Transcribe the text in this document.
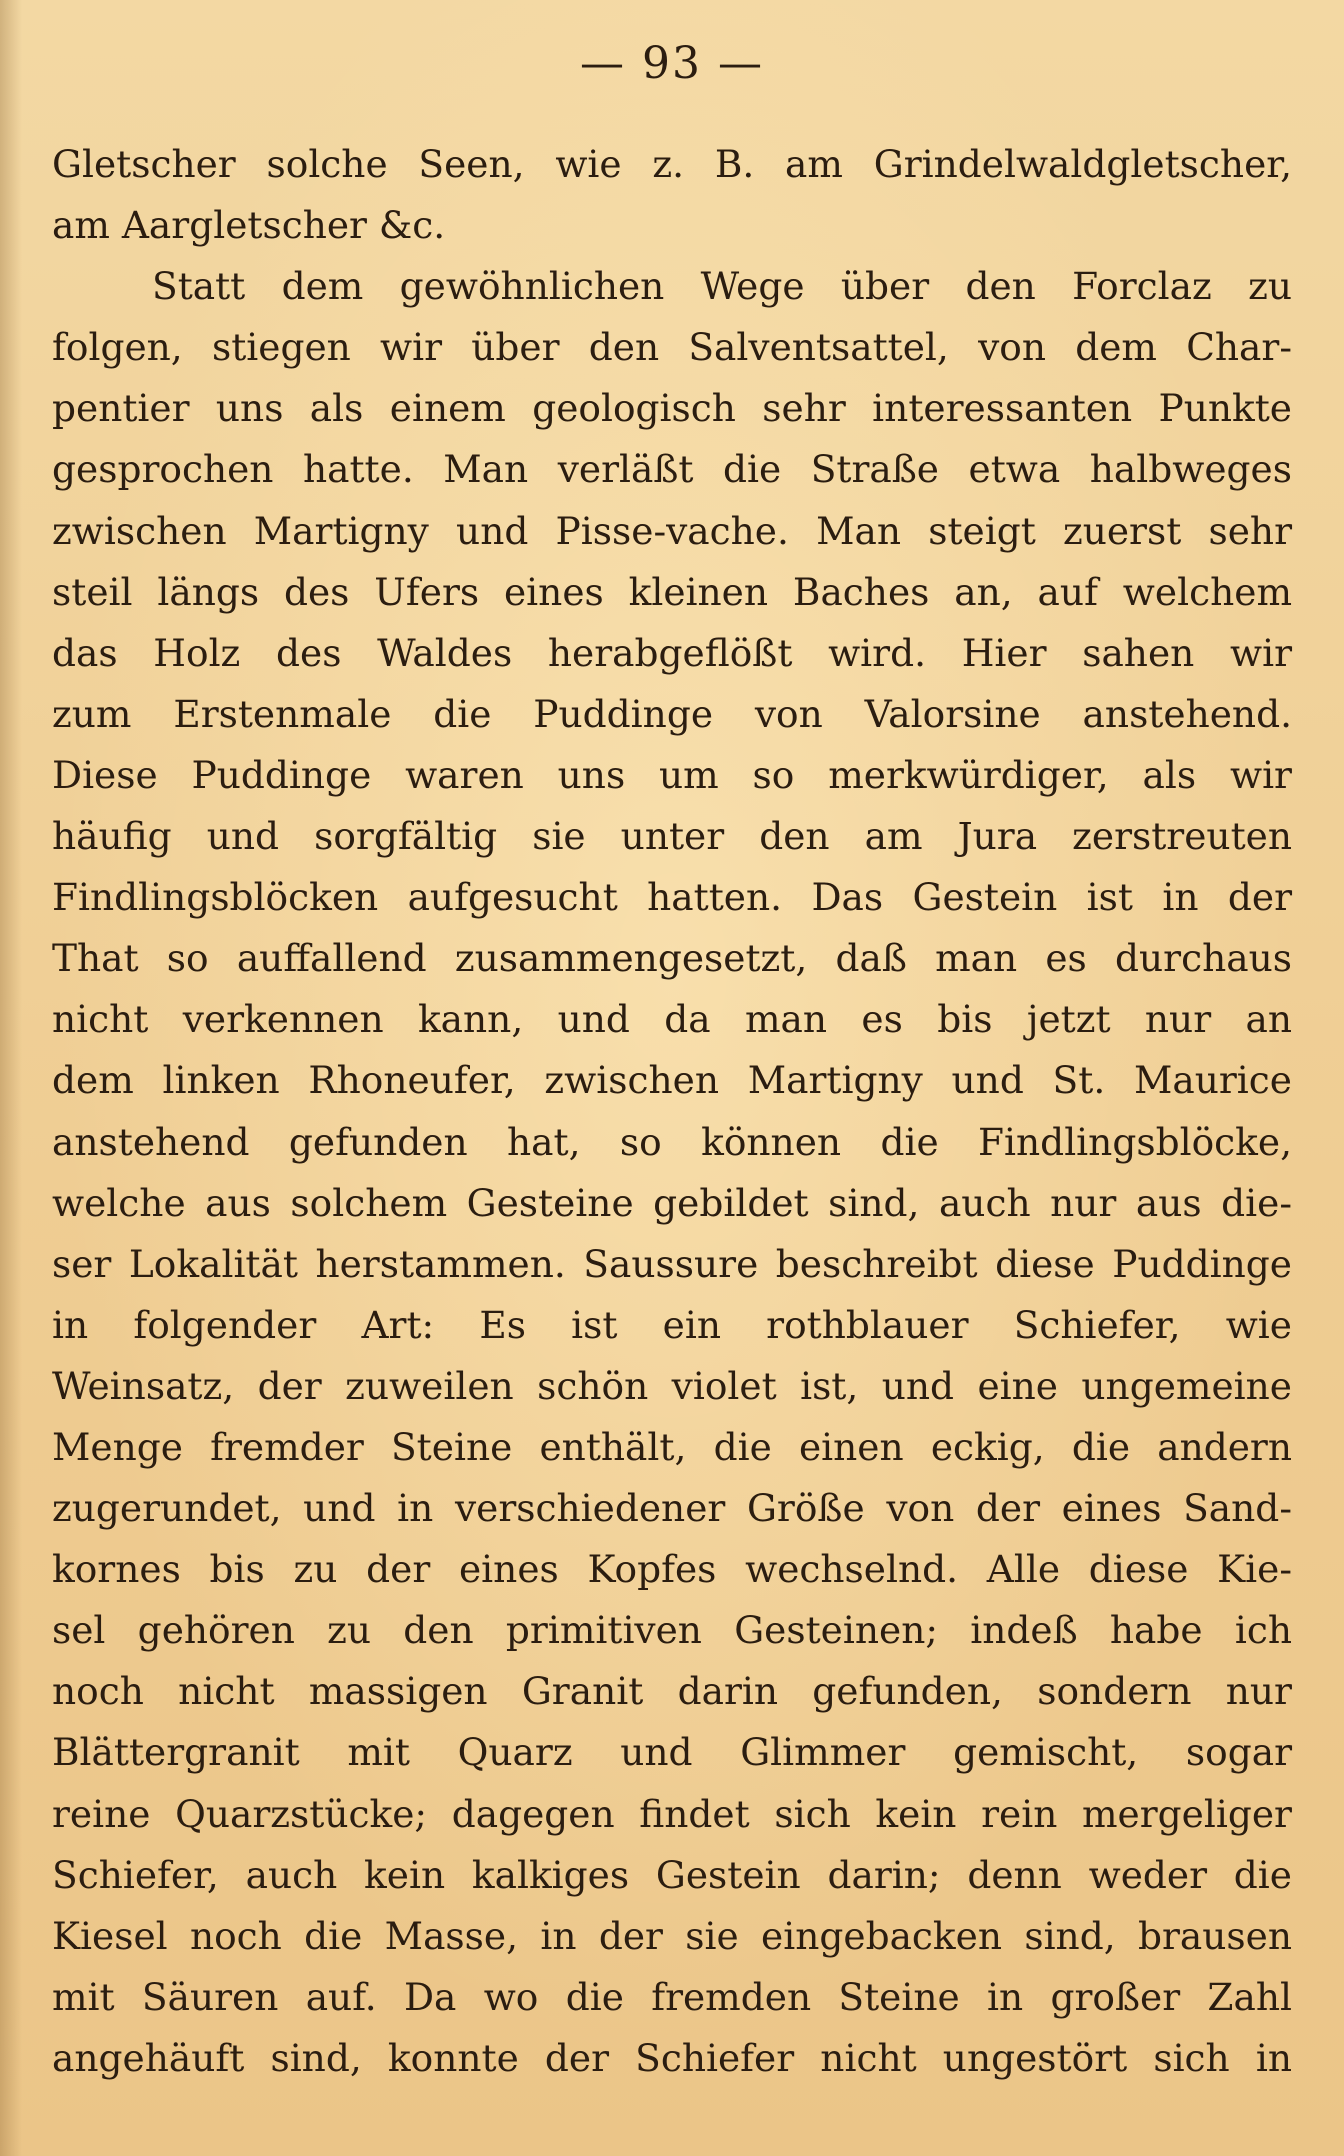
— 93 —
Gletscher solche Seen, wie z. B. am Grindelwaldgletscher,
am Aargletscher &c.
Statt dem gewöhnlichen Wege über den Forclaz zu
folgen, stiegen wir über den Salventsattel, von dem Char-
pentier uns als einem geologisch sehr interessanten Punkte
gesprochen hatte. Man verläßt die Straße etwa halbweges
zwischen Martigny und Pisse-vache. Man steigt zuerst sehr
steil längs des Ufers eines kleinen Baches an, auf welchem
das Holz des Waldes herabgeflößt wird. Hier sahen wir
zum Erstenmale die Puddinge von Valorsine anstehend.
Diese Puddinge waren uns um so merkwürdiger, als wir
häufig und sorgfältig sie unter den am Jura zerstreuten
Findlingsblöcken aufgesucht hatten. Das Gestein ist in der
That so auffallend zusammengesetzt, daß man es durchaus
nicht verkennen kann, und da man es bis jetzt nur an
dem linken Rhoneufer, zwischen Martigny und St. Maurice
anstehend gefunden hat, so können die Findlingsblöcke,
welche aus solchem Gesteine gebildet sind, auch nur aus die-
ser Lokalität herstammen. Saussure beschreibt diese Puddinge
in folgender Art: Es ist ein rothblauer Schiefer, wie
Weinsatz, der zuweilen schön violet ist, und eine ungemeine
Menge fremder Steine enthält, die einen eckig, die andern
zugerundet, und in verschiedener Größe von der eines Sand-
kornes bis zu der eines Kopfes wechselnd. Alle diese Kie-
sel gehören zu den primitiven Gesteinen; indeß habe ich
noch nicht massigen Granit darin gefunden, sondern nur
Blättergranit mit Quarz und Glimmer gemischt, sogar
reine Quarzstücke; dagegen findet sich kein rein mergeliger
Schiefer, auch kein kalkiges Gestein darin; denn weder die
Kiesel noch die Masse, in der sie eingebacken sind, brausen
mit Säuren auf. Da wo die fremden Steine in großer Zahl
angehäuft sind, konnte der Schiefer nicht ungestört sich in
